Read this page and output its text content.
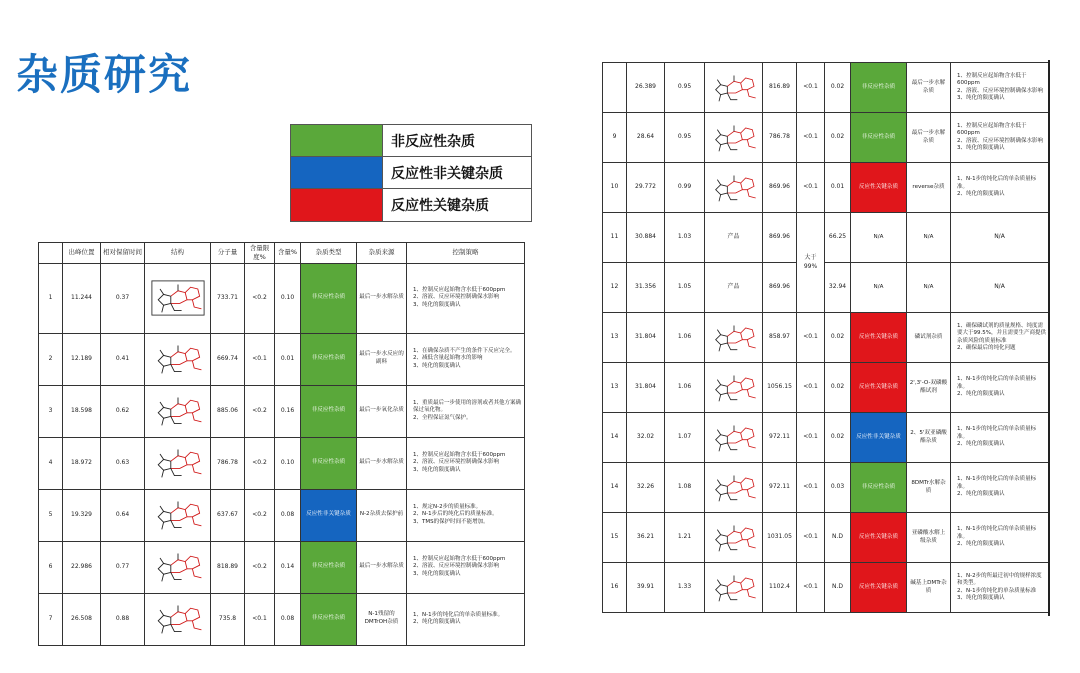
杂质研究
非反应性杂质
反应性非关键杂质
反应性关键杂质
	出峰位置	相对保留时间	结构	分子量	含量限度%	含量%	杂质类型	杂质来源	控制策略
1	11.244	0.37		733.71	<0.2	0.10	非反应性杂质	最后一步水解杂质	1、控制反应起始物含水低于600ppm
2、溶液、反应环境控制确保水影响
3、纯化的限度确认

2	12.189	0.41		669.74	<0.1	0.01	非反应性杂质	最后一步水反应的副料	1、在确保杂质不产生的条件下反应完全。
2、减低含量起始物水的影响
3、纯化的限度确认

3	18.598	0.62		885.06	<0.2	0.16	非反应性杂质	最后一步氧化杂质	1、重质最后一步使用的溶剂或者其他方案确保过氧化物。
2、全程保证氮气保护。

4	18.972	0.63		786.78	<0.2	0.10	非反应性杂质	最后一步水解杂质	1、控制反应起始物含水低于600ppm
2、溶液、反应环境控制确保水影响
3、纯化的限度确认

5	19.329	0.64		637.67	<0.2	0.08	反应性非关键杂质	N-2杂质去保护前	1、规定N-2步的质量标准。
2、N-1步后的纯化后的质量标准。
3、TMS的保护时间不能增加。

6	22.986	0.77		818.89	<0.2	0.14	非反应性杂质	最后一步水解杂质	1、控制反应起始物含水低于600ppm
2、溶液、反应环境控制确保水影响
3、纯化的限度确认

7	26.508	0.88		735.8	<0.1	0.08	非反应性杂质	N-1残留的DMTrOH杂质	1、N-1步的纯化后的单杂质量标准。
2、纯化的限度确认
	26.389	0.95		816.89	<0.1	0.02	非反应性杂质	最后一步水解杂质	1、控制反应起始物含水低于600ppm
2、溶液、反应环境控制确保水影响
3、纯化的限度确认

9	28.64	0.95		786.78	<0.1	0.02	非反应性杂质	最后一步水解杂质	1、控制反应起始物含水低于600ppm
2、溶液、反应环境控制确保水影响
3、纯化的限度确认

10	29.772	0.99		869.96	<0.1	0.01	反应性关键杂质	reverse杂质	1、N-1步的纯化后的单杂质量标准。
2、纯化的限度确认

11	30.884	1.03	产品	869.96	大于99%	66.25	N/A	N/A	N/A

12	31.356	1.05	产品	869.96		32.94	N/A	N/A	N/A

13	31.804	1.06		858.97	<0.1	0.02	反应性关键杂质	磷试剂杂质	1、确保磷试剂的质量规格、纯度需要大于99.5%，并且需要生产商提供杂质风险的质量标准
2、确保最后的纯化问题

13	31.804	1.06		1056.15	<0.1	0.02	反应性关键杂质	2',3'-O-双磷酸酯试剂	1、N-1步的纯化后的单杂质量标准。
2、纯化的限度确认

14	32.02	1.07		972.11	<0.1	0.02	反应性非关键杂质	2、5'双亚磷酸酯杂质	1、N-1步的纯化后的单杂质量标准。
2、纯化的限度确认

14	32.26	1.08		972.11	<0.1	0.03	非反应性杂质	8DMTr水解杂质	1、N-1步的纯化后的单杂质量标准。
2、纯化的限度确认

15	36.21	1.21		1031.05	<0.1	N.D	反应性关键杂质	亚磷酸水解上级杂质	1、N-1步的纯化后的单杂质量标准。
2、纯化的限度确认

16	39.91	1.33		1102.4	<0.1	N.D	反应性关键杂质	碱基上DMTr杂质	1、N-2步的所最迁初中的规样浓度和类型。
2、N-1步的纯化的单杂质量标准
3、纯化的限度确认
